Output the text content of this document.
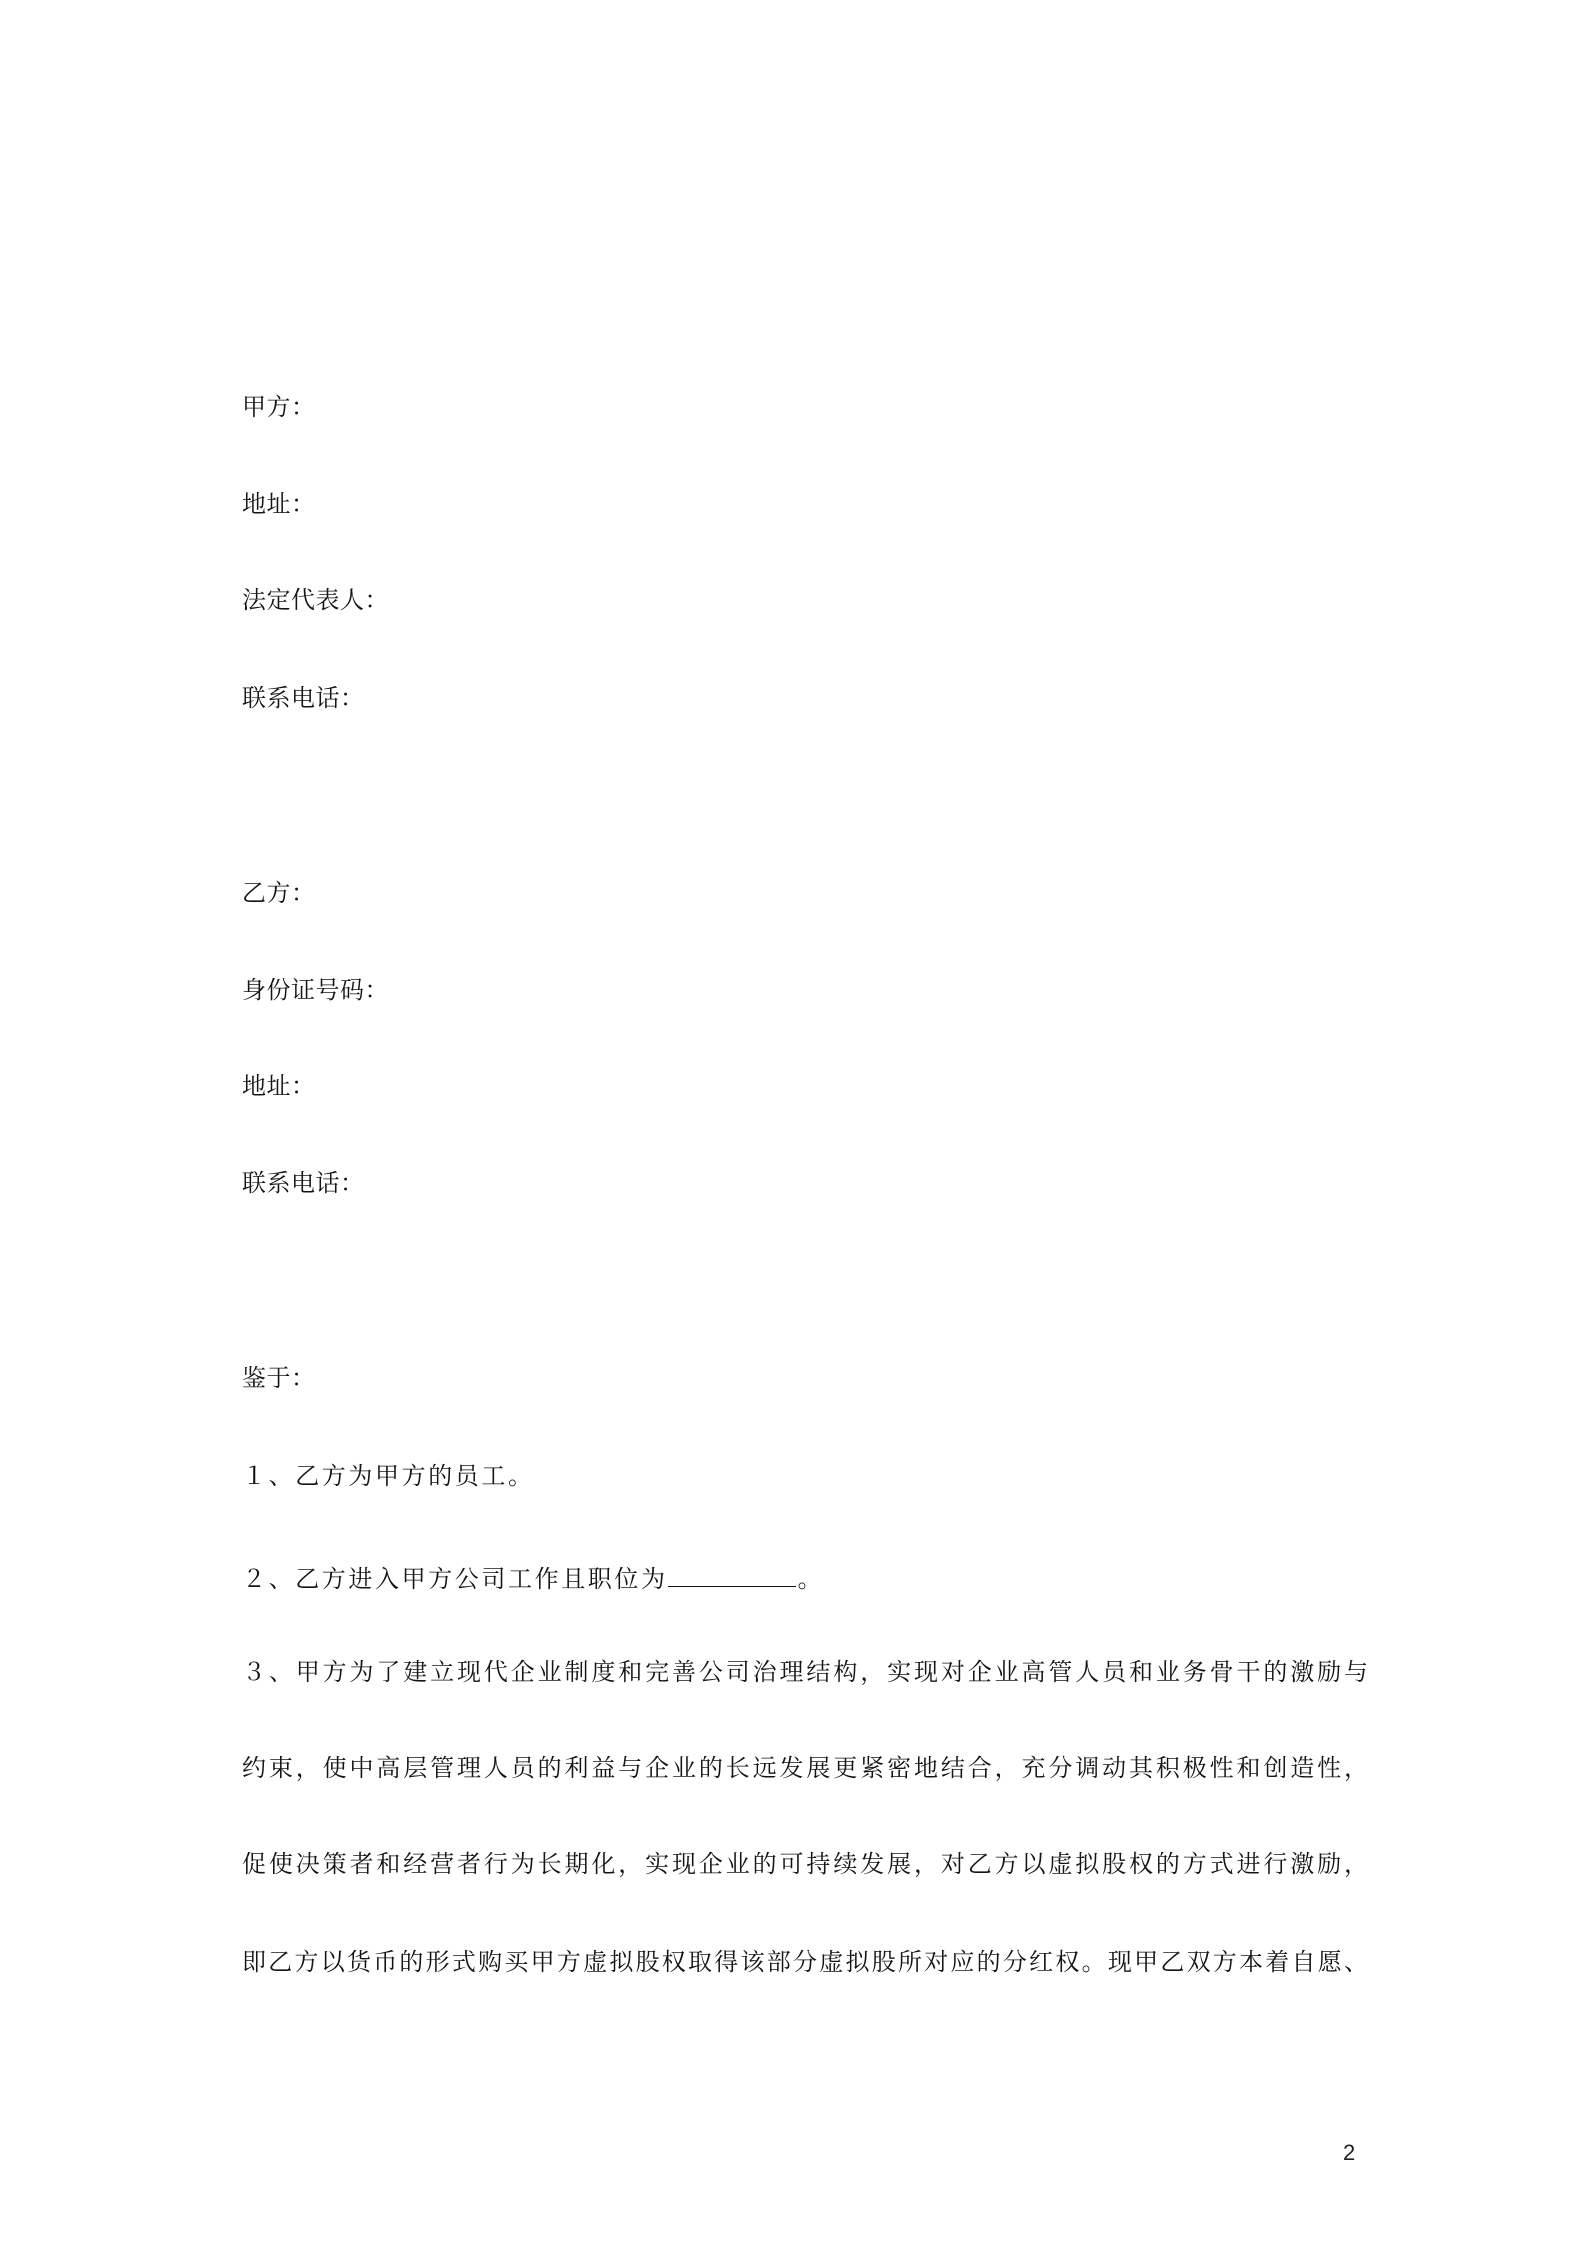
甲方：
地址：
法定代表人：
联系电话：
乙方：
身份证号码：
地址：
联系电话：
鉴于：
１、乙方为甲方的员工。
２、乙方进入甲方公司工作且职位为	。
３、甲方为了建立现代企业制度和完善公司治理结构，实现对企业高管人员和业务骨干的激励与
约束，使中高层管理人员的利益与企业的长远发展更紧密地结合，充分调动其积极性和创造性，
促使决策者和经营者行为长期化，实现企业的可持续发展，对乙方以虚拟股权的方式进行激励，
即乙方以货币的形式购买甲方虚拟股权取得该部分虚拟股所对应的分红权。现甲乙双方本着自愿、
2
